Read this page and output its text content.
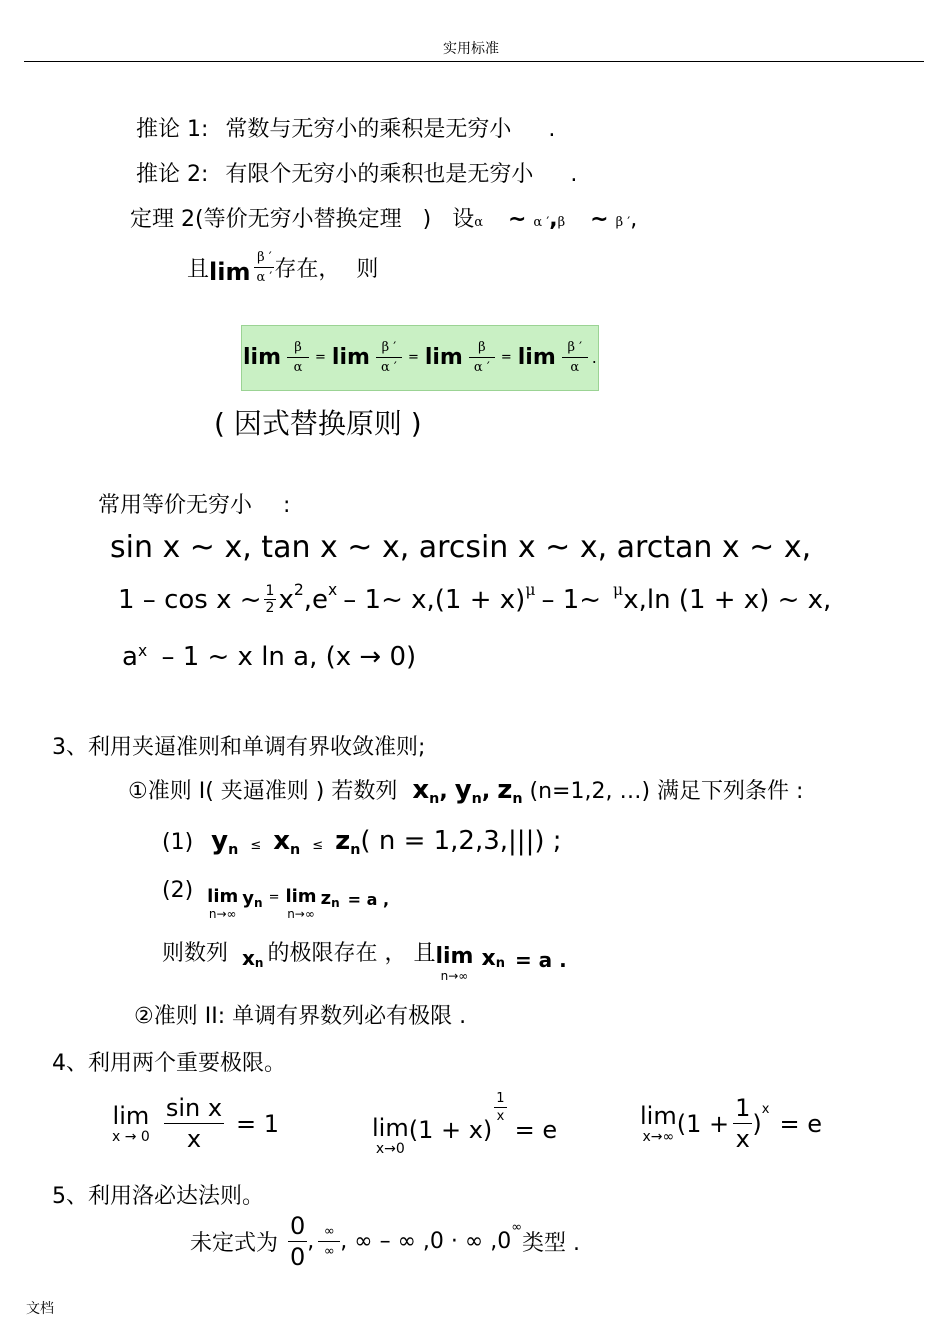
实用标准
推论 1: 常数与无穷小的乘积是无穷小 .
推论 2: 有限个无穷小的乘积也是无穷小 .
定理 2(等价无穷小替换定理 ) 设α ~ α ′,β ~ β ′,
且 $\lim \frac{\beta '}{\alpha '}$ 存在， 则
$\lim \frac{\beta}{\alpha} = \lim \frac{\beta '}{\alpha '} = \lim \frac{\beta}{\alpha '} = \lim \frac{\beta '}{\alpha}$ .
( 因式替换原则 )
常用等价无穷小 :
sin x ~ x, tan x ~ x, arcsin x ~ x, arctan x ~ x,
1 – cos x ~ $\frac{1}{2}$ x 2 ,e x – 1~ x, (1 + x) μ – 1~ μ x,ln (1 + x) ~ x,
$a^x - 1$ ~ x ln a, (x → 0)
3、利用夹逼准则和单调有界收敛准则;
①准则 I( 夹逼准则 ) 若数列 $x_n$, $y_n$, $z_n$ (n=1,2, …) 满足下列条件 :
(1) y n ≤ x n ≤ z n ( n = 1,2,3,|||) ;
(2) lim
n→∞
y n = lim
n→∞
z n = a ,
则数列 x n 的极限存在 ， 且 lim
n→∞
x n = a .
②准则 II: 单调有界数列必有极限 .
4、利用两个重要极限。
lim
$x \to 0 \frac{\text{sin x}}{x} = 1$	lim
x→0
(1 + x)
$\frac{1}{x}$
= e
lim
x→∞ ($1 + \frac{1}{x}$ ) x = e
5、利用洛必达法则。
未定式为 $\frac{0}{0}$ , $\frac{\infty}{\infty}$ , ∞ – ∞ ,0 · ∞ ,0
∞
类型 .
文档
